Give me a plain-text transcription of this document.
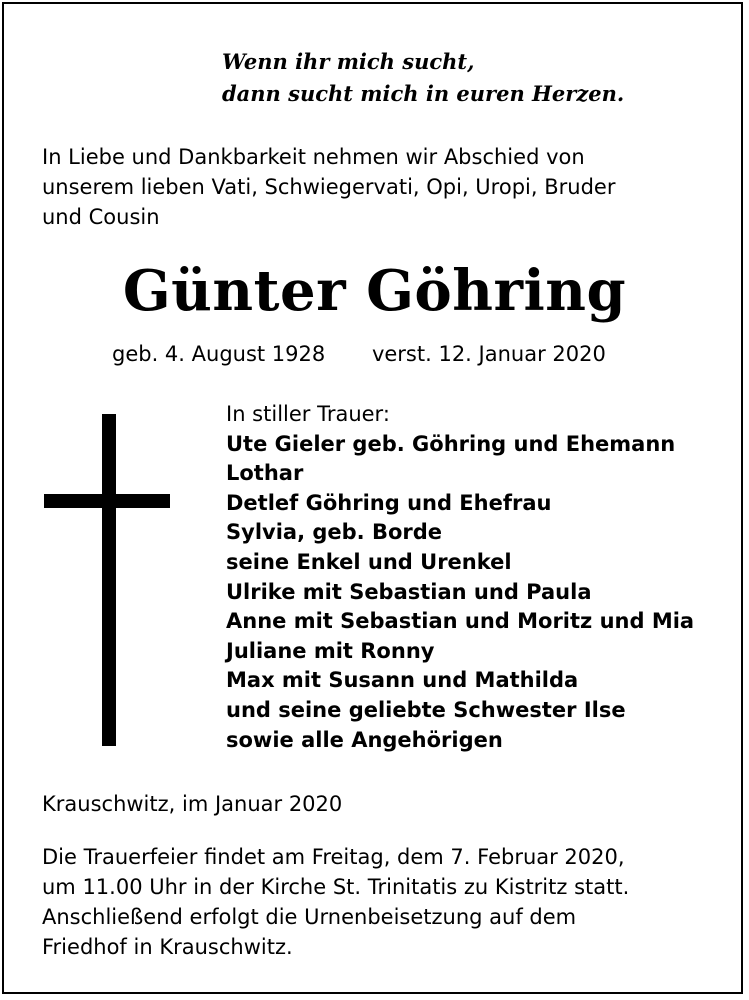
Wenn ihr mich sucht,
dann sucht mich in euren Herzen.

In Liebe und Dankbarkeit nehmen wir Abschied von
unserem lieben Vati, Schwiegervati, Opi, Uropi, Bruder
und Cousin

Günter Göhring
geb. 4. August 1928 verst. 12. Januar 2020
In stiller Trauer:
Ute Gieler geb. Göhring und Ehemann
Lothar
Detlef Göhring und Ehefrau
Sylvia, geb. Borde
seine Enkel und Urenkel
Ulrike mit Sebastian und Paula
Anne mit Sebastian und Moritz und Mia
Juliane mit Ronny
Max mit Susann und Mathilda
und seine geliebte Schwester Ilse
sowie alle Angehörigen
Krauschwitz, im Januar 2020

Die Trauerfeier findet am Freitag, dem 7. Februar 2020,
um 11.00 Uhr in der Kirche St. Trinitatis zu Kistritz statt.
Anschließend erfolgt die Urnenbeisetzung auf dem
Friedhof in Krauschwitz.
